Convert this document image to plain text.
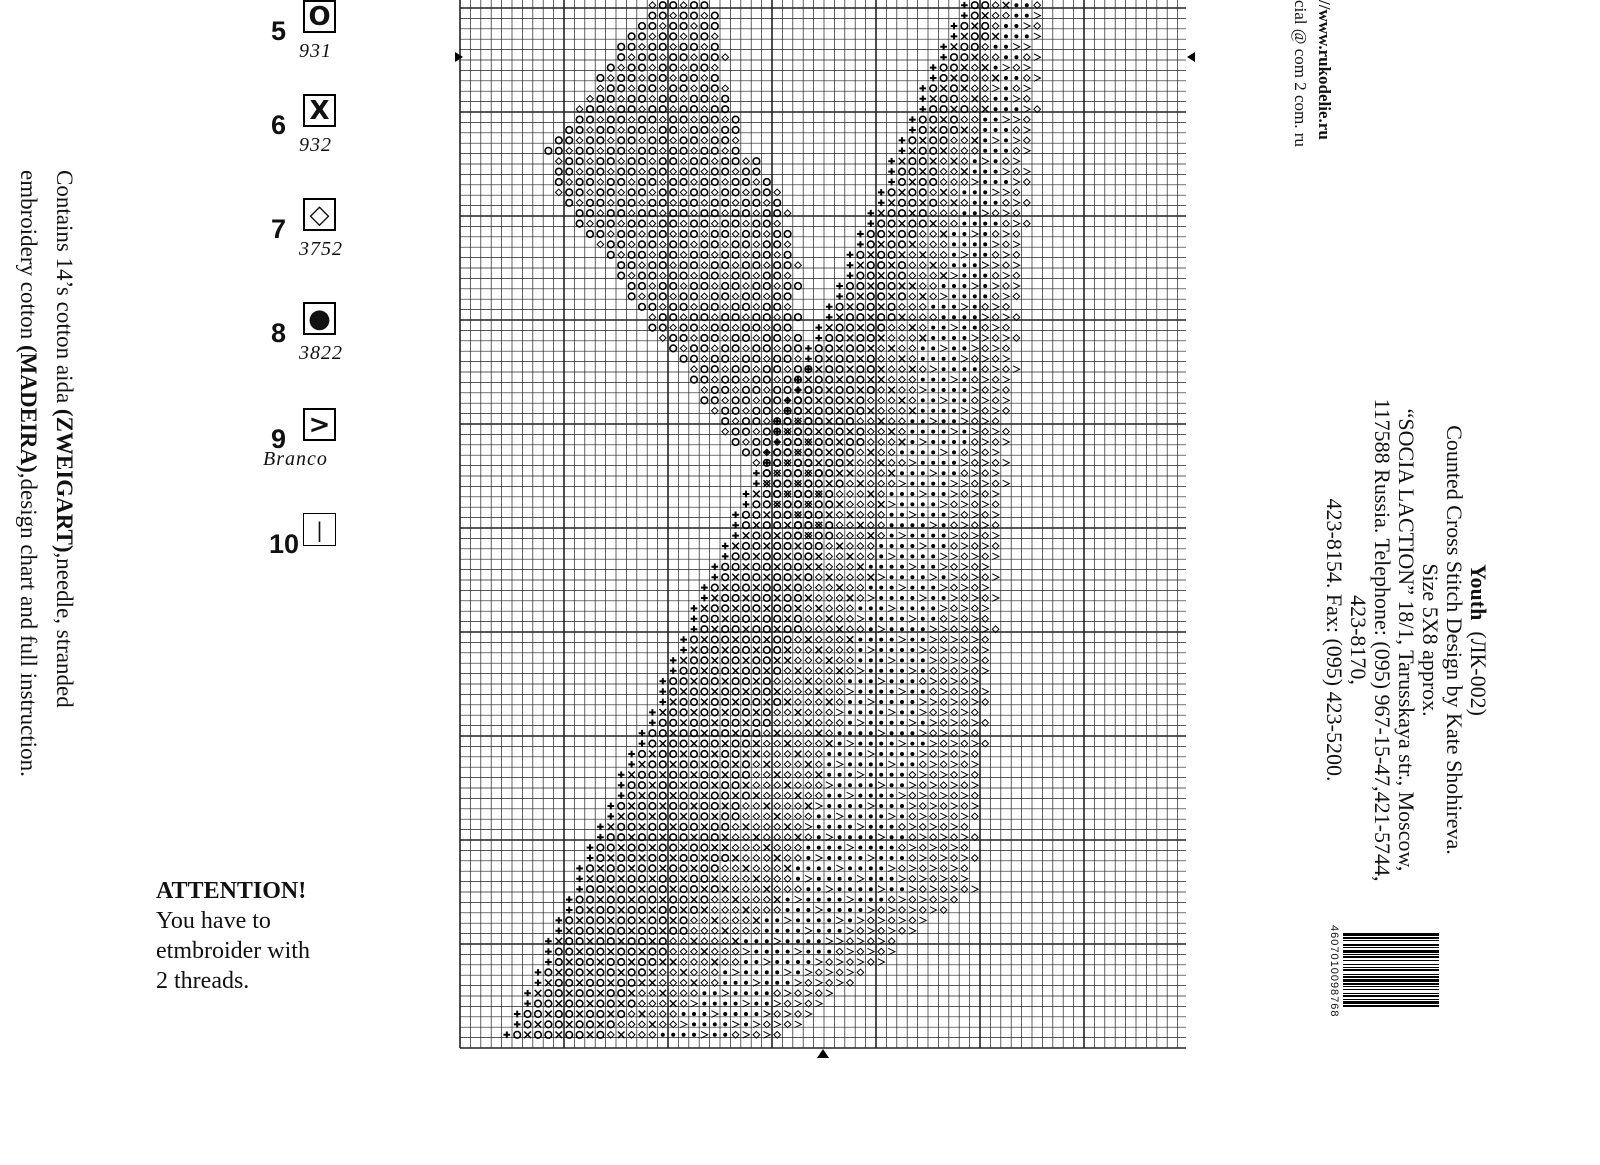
5 O
931
6 X
932
7 ◇
3752
8 ●
3822
9 >
Branco
10 |
Contains 14’s cotton aida (ZWEIGART),needle, stranded
embroidery cotton (MADEIRA),design chart and full instruction.
ATTENTION!
You have to
etmbroider with
2 threads.
Youth  (ЛК-002)
Counted Cross Stitch Design by Kate Shohireva.
Size 5X8 approx.
“SOCIA LACTION” 18/1, Tarusskaya str., Moscow,
117588 Russia. Telephone: (095) 967-15-47,421-5744,
423-8170,
423-8154. Fax: (095) 423-5200.
//www.rukodelie.ru
cial @ com 2 com. ru
4607010098768
